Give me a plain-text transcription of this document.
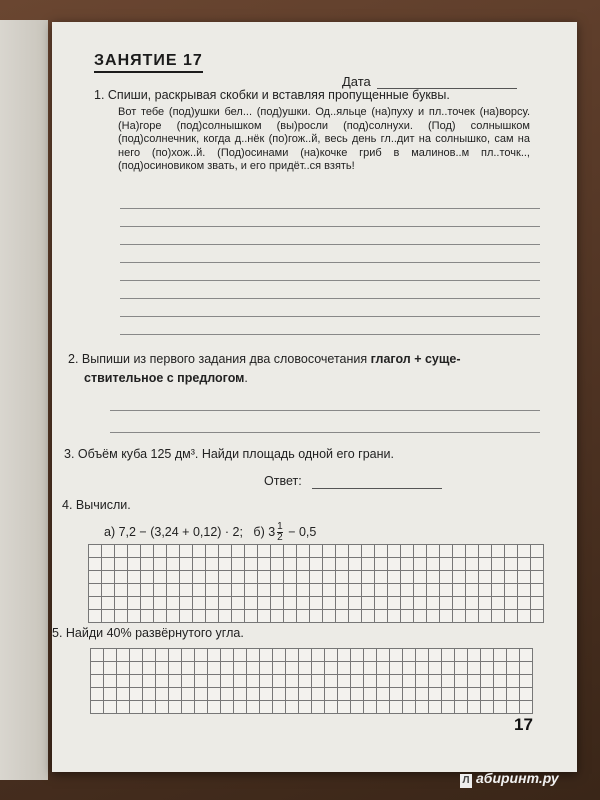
ЗАНЯТИЕ 17
Дата
1. Спиши, раскрывая скобки и вставляя пропущенные буквы.
Вот тебе (под)ушки бел... (под)ушки. Од..яльце (на)пуху и пл..точек (на)ворсу. (На)горе (под)солнышком (вы)росли (под)солнухи. (Под) солнышком (под)солнечник, когда д..нёк (по)гож..й, весь день гл..дит на солнышко, сам на него (по)хож..й. (Под)осинами (на)кочке гриб в малинов..м пл..точк.., (под)осиновиком звать, и его придёт..ся взять!
2. Выпиши из первого задания два словосочетания глагол + суще-
ствительное с предлогом.
3. Объём куба 125 дм³. Найди площадь одной его грани.
Ответ:
4. Вычисли.
а) 7,2 − (3,24 + 0,12) · 2; б) $3 \frac{1}{2} - 0,5$
5. Найди 40% развёрнутого угла.
17
Л абиринт.ру
